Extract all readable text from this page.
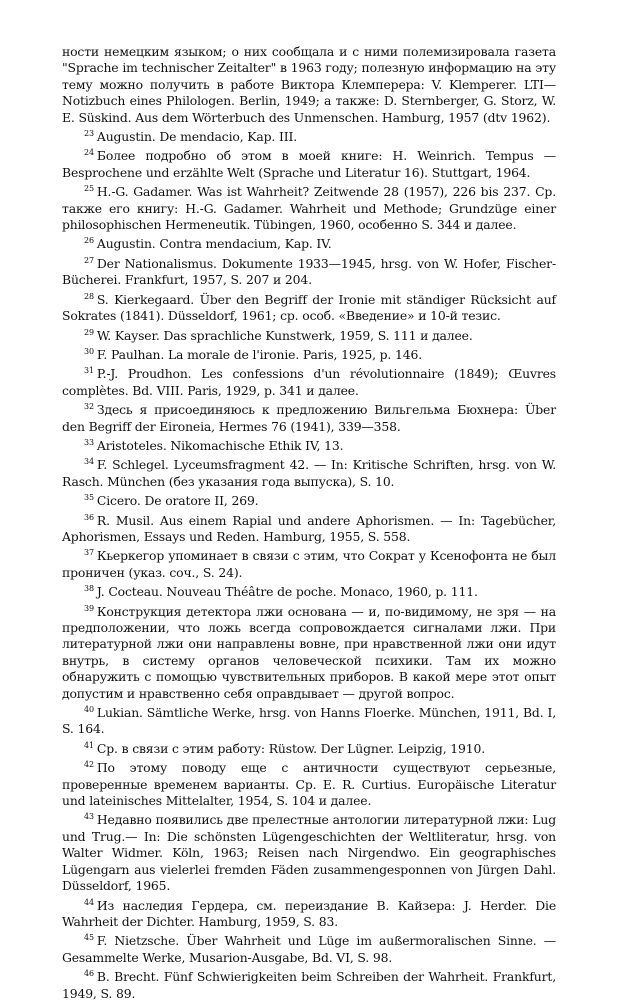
ности немецким языком; о них сообщала и с ними полемизировала газета "Sprache im technischer Zeitalter" в 1963 году; полезную информацию на эту тему можно получить в работе Виктора Клемперера: V. Klemperer. LTI— Notizbuch eines Philologen. Berlin, 1949; а также: D. Sternberger, G. Storz, W. E. Süskind. Aus dem Wörterbuch des Unmenschen. Hamburg, 1957 (dtv 1962).

$^{23}$ Augustin. De mendacio, Kap. III.

$^{24}$ Более подробно об этом в моей книге: H. Weinrich. Tempus — Besprochene und erzählte Welt (Sprache und Literatur 16). Stuttgart, 1964.

$^{25}$ H.-G. Gadamer. Was ist Wahrheit? Zeitwende 28 (1957), 226 bis 237. Ср. также его книгу: H.-G. Gadamer. Wahrheit und Methode; Grundzüge einer philosophischen Hermeneutik. Tübingen, 1960, особенно S. 344 и далее.

$^{26}$ Augustin. Contra mendacium, Kap. IV.

$^{27}$ Der Nationalismus. Dokumente 1933—1945, hrsg. von W. Hofer, Fischer-Bücherei. Frankfurt, 1957, S. 207 и 204.

$^{28}$ S. Kierkegaard. Über den Begriff der Ironie mit ständiger Rücksicht auf Sokrates (1841). Düsseldorf, 1961; ср. особ. «Введение» и 10-й тезис.

$^{29}$ W. Kayser. Das sprachliche Kunstwerk, 1959, S. 111 и далее.

$^{30}$ F. Paulhan. La morale de l'ironie. Paris, 1925, p. 146.

$^{31}$ P.-J. Proudhon. Les confessions d'un révolutionnaire (1849); Œuvres complètes. Bd. VIII. Paris, 1929, p. 341 и далее.

$^{32}$ Здесь я присоединяюсь к предложению Вильгельма Бюхнера: Über den Begriff der Eironeia, Hermes 76 (1941), 339—358.

$^{33}$ Aristoteles. Nikomachische Ethik IV, 13.

$^{34}$ F. Schlegel. Lyceumsfragment 42. — In: Kritische Schriften, hrsg. von W. Rasch. München (без указания года выпуска), S. 10.

$^{35}$ Cicero. De oratore II, 269.

$^{36}$ R. Musil. Aus einem Rapial und andere Aphorismen. — In: Tagebücher, Aphorismen, Essays und Reden. Hamburg, 1955, S. 558.

$^{37}$ Кьеркегор упоминает в связи с этим, что Сократ у Ксенофонта не был проничен (указ. соч., S. 24).

$^{38}$ J. Cocteau. Nouveau Théâtre de poche. Monaco, 1960, p. 111.

$^{39}$ Конструкция детектора лжи основана — и, по-видимому, не зря — на предположении, что ложь всегда сопровождается сигналами лжи. При литературной лжи они направлены вовне, при нравственной лжи они идут внутрь, в систему органов человеческой психики. Там их можно обнаружить с помощью чувствительных приборов. В какой мере этот опыт допустим и нравственно себя оправдывает — другой вопрос.

$^{40}$ Lukian. Sämtliche Werke, hrsg. von Hanns Floerke. München, 1911, Bd. I, S. 164.

$^{41}$ Ср. в связи с этим работу: Rüstow. Der Lügner. Leipzig, 1910.

$^{42}$ По этому поводу еще с античности существуют серьезные, проверенные временем варианты. Ср. E. R. Curtius. Europäische Literatur und lateinisches Mittelalter, 1954, S. 104 и далее.

$^{43}$ Недавно появились две прелестные антологии литературной лжи: Lug und Trug.— In: Die schönsten Lügengeschichten der Weltliteratur, hrsg. von Walter Widmer. Köln, 1963; Reisen nach Nirgendwo. Ein geographisches Lügengarn aus vielerlei fremden Fäden zusammengesponnen von Jürgen Dahl. Düsseldorf, 1965.

$^{44}$ Из наследия Гердера, см. переиздание В. Кайзера: J. Herder. Die Wahrheit der Dichter. Hamburg, 1959, S. 83.

$^{45}$ F. Nietzsche. Über Wahrheit und Lüge im außermoralischen Sinne. — Gesammelte Werke, Musarion-Ausgabe, Bd. VI, S. 98.

$^{46}$ B. Brecht. Fünf Schwierigkeiten beim Schreiben der Wahrheit. Frankfurt, 1949, S. 89.
